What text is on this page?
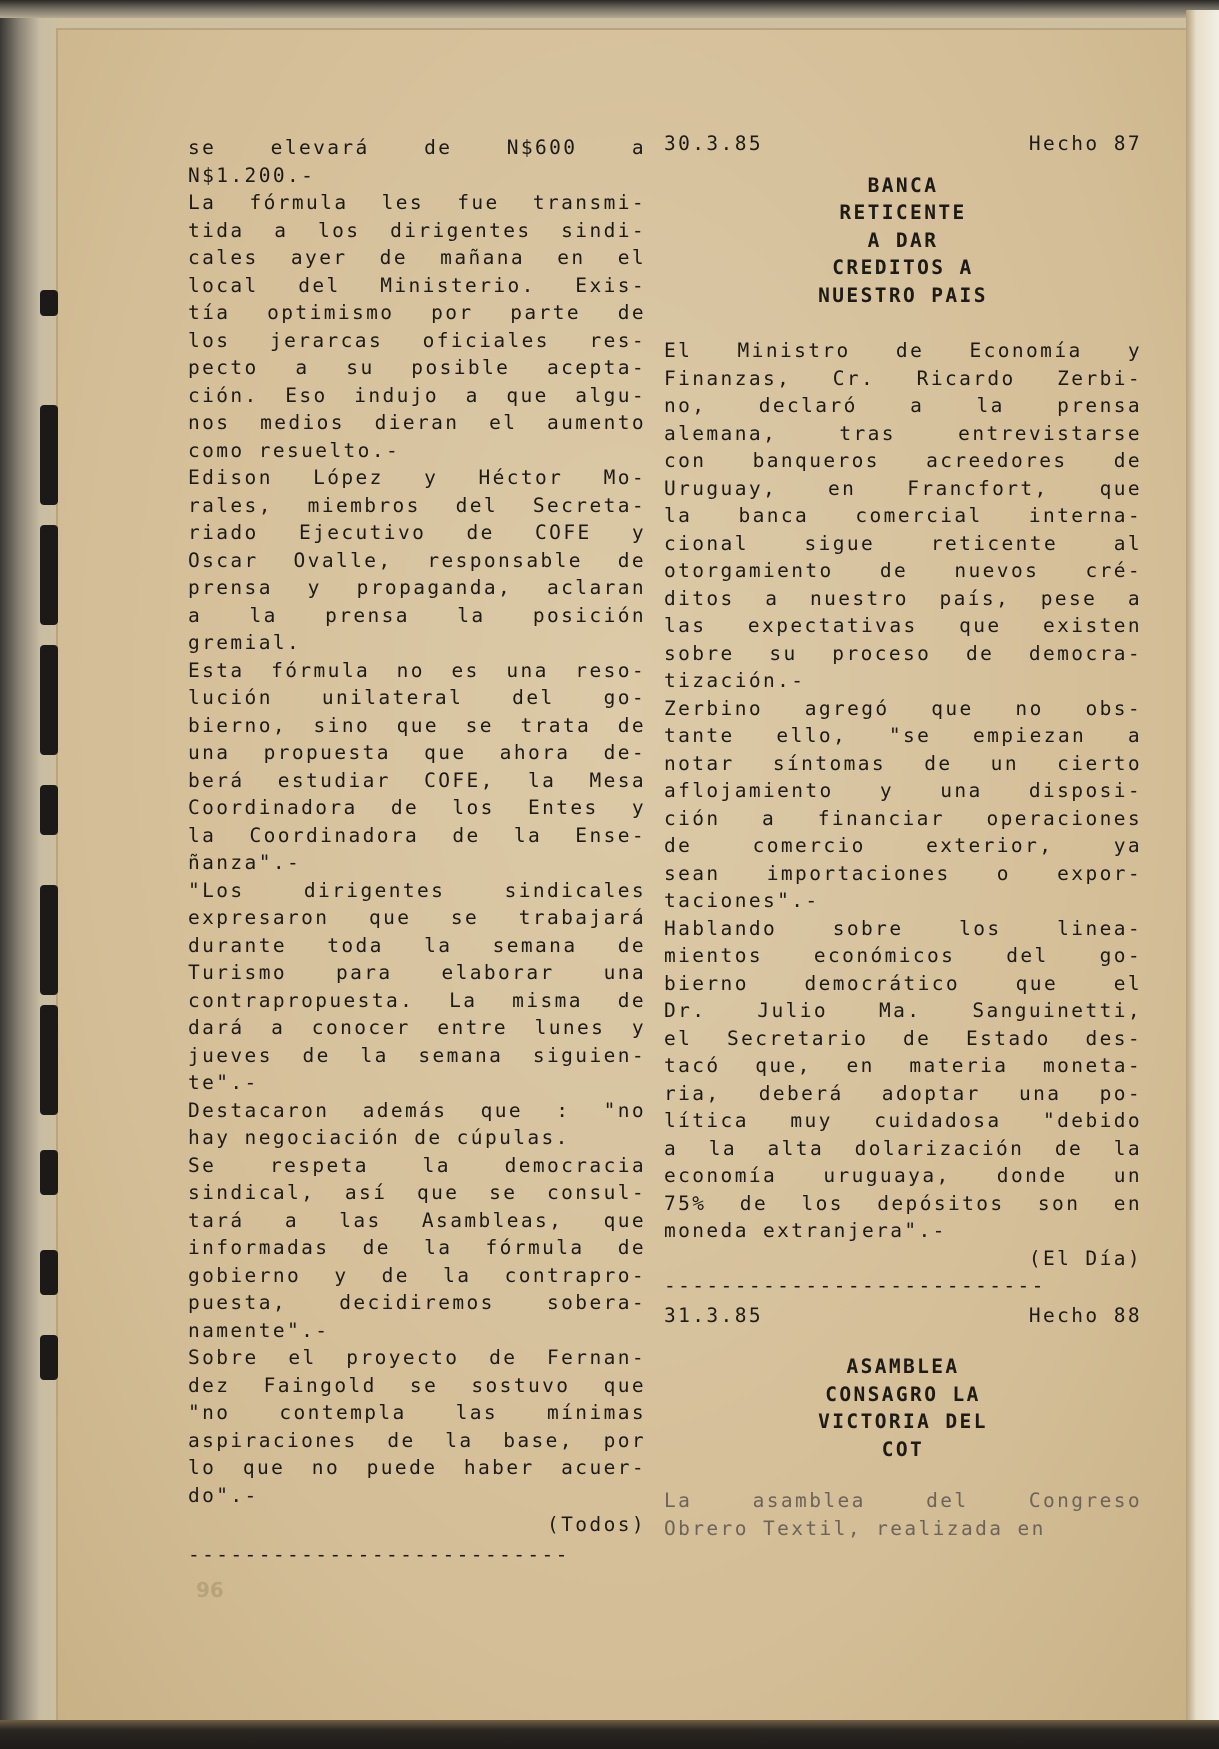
se elevará de N$600 a

N$1.200.-

La fórmula les fue transmi-

tida a los dirigentes sindi-

cales ayer de mañana en el

local del Ministerio. Exis-

tía optimismo por parte de

los jerarcas oficiales res-

pecto a su posible acepta-

ción. Eso indujo a que algu-

nos medios dieran el aumento

como resuelto.-

Edison López y Héctor Mo-

rales, miembros del Secreta-

riado Ejecutivo de COFE y

Oscar Ovalle, responsable de

prensa y propaganda, aclaran

a la prensa la posición

gremial.

Esta fórmula no es una reso-

lución unilateral del go-

bierno, sino que se trata de

una propuesta que ahora de-

berá estudiar COFE, la Mesa

Coordinadora de los Entes y

la Coordinadora de la Ense-

ñanza".-

"Los dirigentes sindicales

expresaron que se trabajará

durante toda la semana de

Turismo para elaborar una

contrapropuesta. La misma de

dará a conocer entre lunes y

jueves de la semana siguien-

te".-

Destacaron además que : "no

hay negociación de cúpulas.

Se respeta la democracia

sindical, así que se consul-

tará a las Asambleas, que

informadas de la fórmula de

gobierno y de la contrapro-

puesta, decidiremos sobera-

namente".-

Sobre el proyecto de Fernan-

dez Faingold se sostuvo que

"no contempla las mínimas

aspiraciones de la base, por

lo que no puede haber acuer-

do".-

(Todos)

---------------------------
30.3.85	Hecho 87
BANCA
RETICENTE
A DAR
CREDITOS A
NUESTRO PAIS

El Ministro de Economía y

Finanzas, Cr. Ricardo Zerbi-

no, declaró a la prensa

alemana, tras entrevistarse

con banqueros acreedores de

Uruguay, en Francfort, que

la banca comercial interna-

cional sigue reticente al

otorgamiento de nuevos cré-

ditos a nuestro país, pese a

las expectativas que existen

sobre su proceso de democra-

tización.-

Zerbino agregó que no obs-

tante ello, "se empiezan a

notar síntomas de un cierto

aflojamiento y una disposi-

ción a financiar operaciones

de comercio exterior, ya

sean importaciones o expor-

taciones".-

Hablando sobre los linea-

mientos económicos del go-

bierno democrático que el

Dr. Julio Ma. Sanguinetti,

el Secretario de Estado des-

tacó que, en materia moneta-

ria, deberá adoptar una po-

lítica muy cuidadosa "debido

a la alta dolarización de la

economía uruguaya, donde un

75% de los depósitos son en

moneda extranjera".-

(El Día)

---------------------------
31.3.85	Hecho 88
ASAMBLEA
CONSAGRO LA
VICTORIA DEL
COT

La asamblea del Congreso

Obrero Textil, realizada en

96
